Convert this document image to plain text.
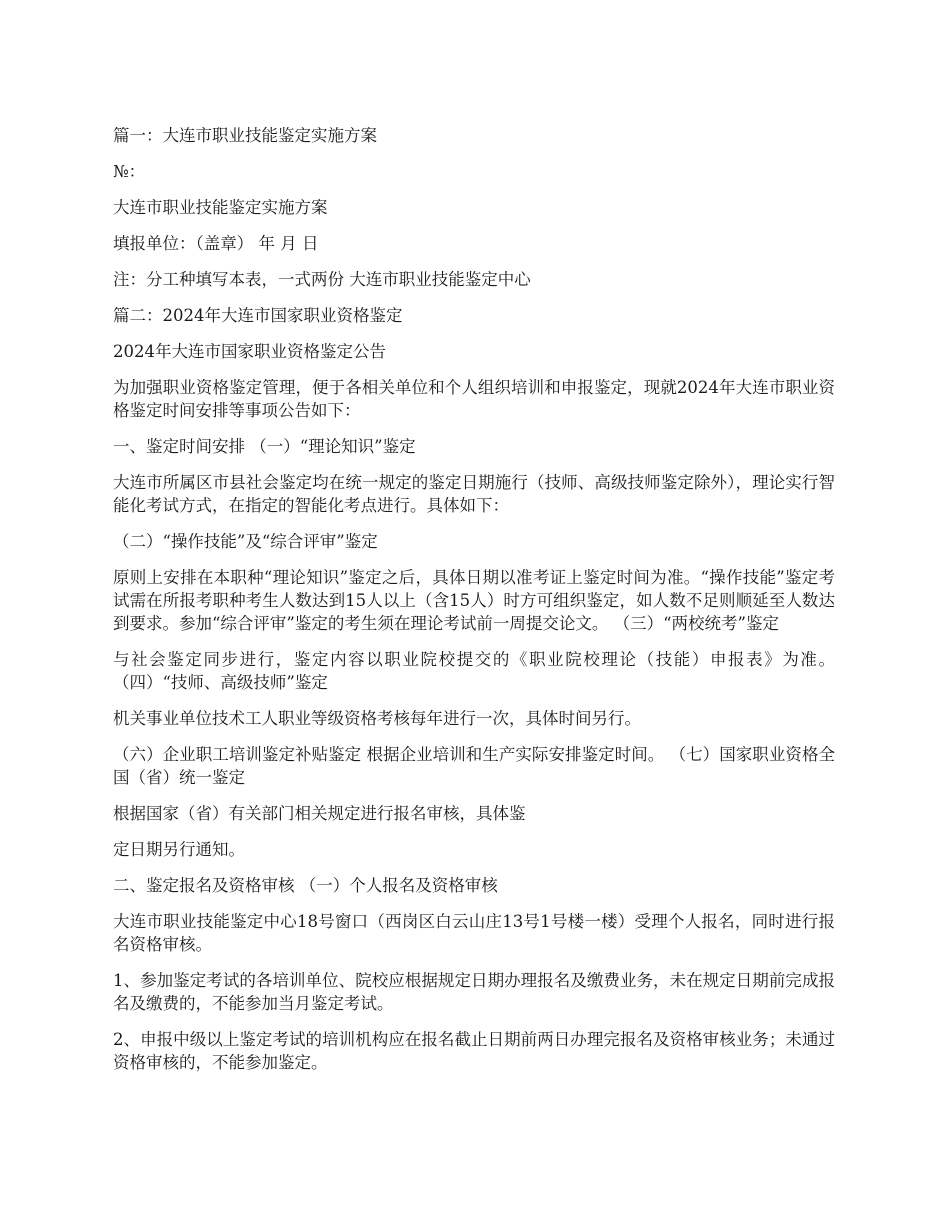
篇一：大连市职业技能鉴定实施方案

№：

大连市职业技能鉴定实施方案

填报单位：（盖章） 年 月 日

注：分工种填写本表，一式两份 大连市职业技能鉴定中心

篇二：2024年大连市国家职业资格鉴定

2024年大连市国家职业资格鉴定公告

为加强职业资格鉴定管理，便于各相关单位和个人组织培训和申报鉴定，现就2024年大连市职业资格鉴定时间安排等事项公告如下：

一、鉴定时间安排 （一）“理论知识”鉴定

大连市所属区市县社会鉴定均在统一规定的鉴定日期施行（技师、高级技师鉴定除外），理论实行智能化考试方式，在指定的智能化考点进行。具体如下：

（二）“操作技能”及“综合评审”鉴定

原则上安排在本职种“理论知识”鉴定之后，具体日期以准考证上鉴定时间为准。“操作技能”鉴定考试需在所报考职种考生人数达到15人以上（含15人）时方可组织鉴定，如人数不足则顺延至人数达到要求。参加“综合评审”鉴定的考生须在理论考试前一周提交论文。 （三）“两校统考”鉴定

与社会鉴定同步进行，鉴定内容以职业院校提交的《职业院校理论（技能）申报表》为准。 （四）“技师、高级技师”鉴定

机关事业单位技术工人职业等级资格考核每年进行一次，具体时间另行。

（六）企业职工培训鉴定补贴鉴定 根据企业培训和生产实际安排鉴定时间。 （七）国家职业资格全国（省）统一鉴定

根据国家（省）有关部门相关规定进行报名审核，具体鉴

定日期另行通知。

二、鉴定报名及资格审核 （一）个人报名及资格审核

大连市职业技能鉴定中心18号窗口（西岗区白云山庄13号1号楼一楼）受理个人报名，同时进行报名资格审核。

1、参加鉴定考试的各培训单位、院校应根据规定日期办理报名及缴费业务，未在规定日期前完成报名及缴费的，不能参加当月鉴定考试。

2、申报中级以上鉴定考试的培训机构应在报名截止日期前两日办理完报名及资格审核业务；未通过资格审核的，不能参加鉴定。
